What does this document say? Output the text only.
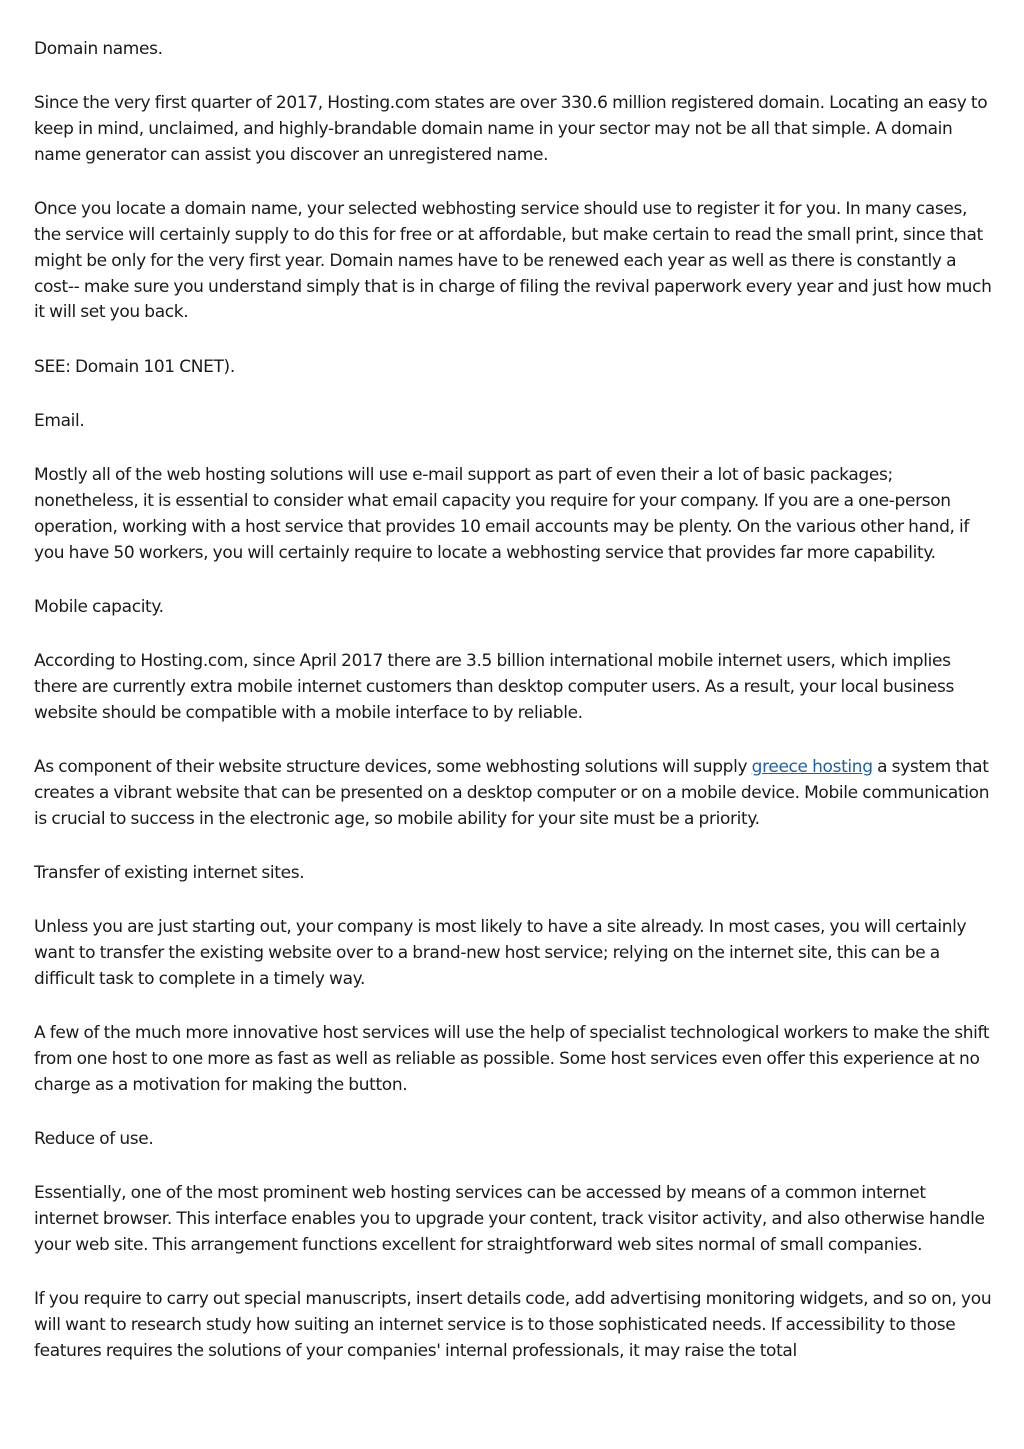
Domain names.

Since the very first quarter of 2017, Hosting.com states are over 330.6 million registered domain. Locating an easy to keep in mind, unclaimed, and highly-brandable domain name in your sector may not be all that simple. A domain name generator can assist you discover an unregistered name.

Once you locate a domain name, your selected webhosting service should use to register it for you. In many cases, the service will certainly supply to do this for free or at affordable, but make certain to read the small print, since that might be only for the very first year. Domain names have to be renewed each year as well as there is constantly a cost-- make sure you understand simply that is in charge of filing the revival paperwork every year and just how much it will set you back.

SEE: Domain 101 CNET).

Email.

Mostly all of the web hosting solutions will use e-mail support as part of even their a lot of basic packages; nonetheless, it is essential to consider what email capacity you require for your company. If you are a one-person operation, working with a host service that provides 10 email accounts may be plenty. On the various other hand, if you have 50 workers, you will certainly require to locate a webhosting service that provides far more capability.

Mobile capacity.

According to Hosting.com, since April 2017 there are 3.5 billion international mobile internet users, which implies there are currently extra mobile internet customers than desktop computer users. As a result, your local business website should be compatible with a mobile interface to by reliable.

As component of their website structure devices, some webhosting solutions will supply greece hosting a system that creates a vibrant website that can be presented on a desktop computer or on a mobile device. Mobile communication is crucial to success in the electronic age, so mobile ability for your site must be a priority.

Transfer of existing internet sites.

Unless you are just starting out, your company is most likely to have a site already. In most cases, you will certainly want to transfer the existing website over to a brand-new host service; relying on the internet site, this can be a difficult task to complete in a timely way.

A few of the much more innovative host services will use the help of specialist technological workers to make the shift from one host to one more as fast as well as reliable as possible. Some host services even offer this experience at no charge as a motivation for making the button.

Reduce of use.

Essentially, one of the most prominent web hosting services can be accessed by means of a common internet internet browser. This interface enables you to upgrade your content, track visitor activity, and also otherwise handle your web site. This arrangement functions excellent for straightforward web sites normal of small companies.

If you require to carry out special manuscripts, insert details code, add advertising monitoring widgets, and so on, you will want to research study how suiting an internet service is to those sophisticated needs. If accessibility to those features requires the solutions of your companies' internal professionals, it may raise the total
